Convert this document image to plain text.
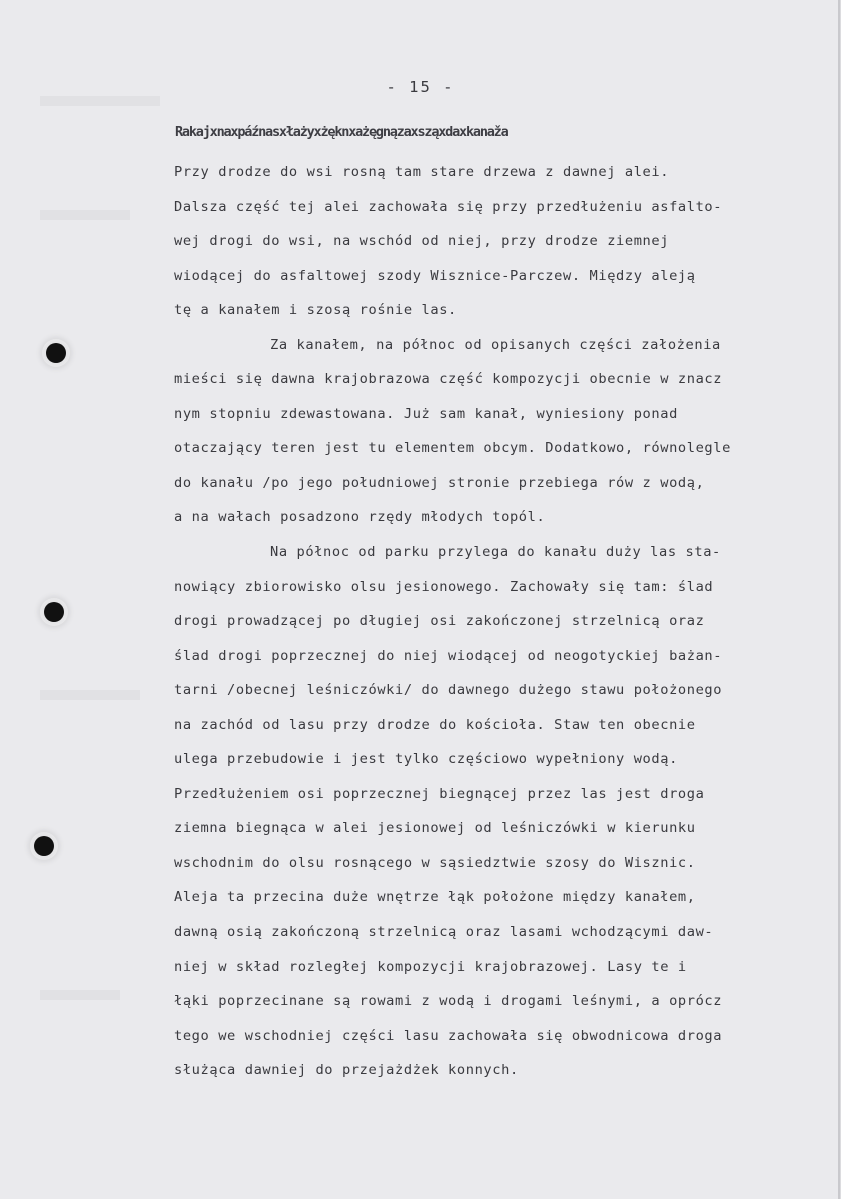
- 15 -
Rakajxnaxpáźnasxłażyxżęknxażęgnązaxsząxdaxkanaža
Przy drodze do wsi rosną tam stare drzewa z dawnej alei.
Dalsza część tej alei zachowała się przy przedłużeniu asfalto-
wej drogi do wsi, na wschód od niej, przy drodze ziemnej
wiodącej do asfaltowej szody Wisznice-Parczew. Między aleją
tę a kanałem i szosą rośnie las.
Za kanałem, na północ od opisanych części założenia
mieści się dawna krajobrazowa część kompozycji obecnie w znacz
nym stopniu zdewastowana. Już sam kanał, wyniesiony ponad
otaczający teren jest tu elementem obcym. Dodatkowo, równolegle
do kanału /po jego południowej stronie przebiega rów z wodą,
a na wałach posadzono rzędy młodych topól.
Na północ od parku przylega do kanału duży las sta-
nowiący zbiorowisko olsu jesionowego. Zachowały się tam: ślad
drogi prowadzącej po długiej osi zakończonej strzelnicą oraz
ślad drogi poprzecznej do niej wiodącej od neogotyckiej bażan-
tarni /obecnej leśniczówki/ do dawnego dużego stawu położonego
na zachód od lasu przy drodze do kościoła. Staw ten obecnie
ulega przebudowie i jest tylko częściowo wypełniony wodą.
Przedłużeniem osi poprzecznej biegnącej przez las jest droga
ziemna biegnąca w alei jesionowej od leśniczówki w kierunku
wschodnim do olsu rosnącego w sąsiedztwie szosy do Wisznic.
Aleja ta przecina duże wnętrze łąk położone między kanałem,
dawną osią zakończoną strzelnicą oraz lasami wchodzącymi daw-
niej w skład rozległej kompozycji krajobrazowej. Lasy te i
łąki poprzecinane są rowami z wodą i drogami leśnymi, a oprócz
tego we wschodniej części lasu zachowała się obwodnicowa droga
służąca dawniej do przejażdżek konnych.
